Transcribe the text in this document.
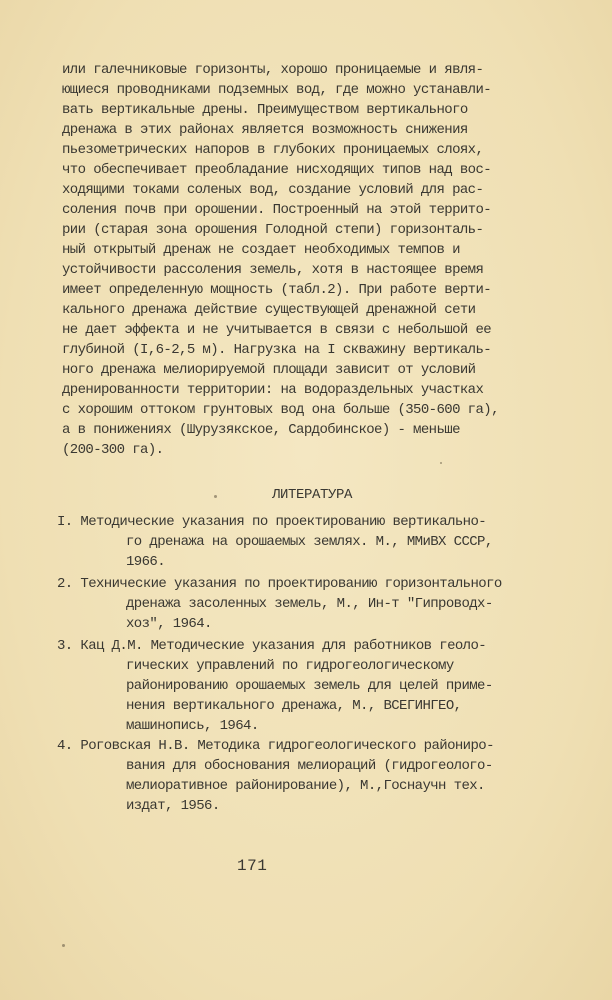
или галечниковые горизонты, хорошо проницаемые и явля-
ющиеся проводниками подземных вод, где можно устанавли-
вать вертикальные дрены. Преимуществом вертикального
дренажа в этих районах является возможность снижения
пьезометрических напоров в глубоких проницаемых слоях,
что обеспечивает преобладание нисходящих типов над вос-
ходящими токами соленых вод, создание условий для рас-
соления почв при орошении. Построенный на этой террито-
рии (старая зона орошения Голодной степи) горизонталь-
ный открытый дренаж не создает необходимых темпов и
устойчивости рассоления земель, хотя в настоящее время
имеет определенную мощность (табл.2). При работе верти-
кального дренажа действие существующей дренажной сети
не дает эффекта и не учитывается в связи с небольшой ее
глубиной (I,6-2,5 м). Нагрузка на I скважину вертикаль-
ного дренажа мелиорируемой площади зависит от условий
дренированности территории: на водораздельных участках
с хорошим оттоком грунтовых вод она больше (350-600 га),
а в понижениях (Шурузякское, Сардобинское) - меньше
(200-300 га).
ЛИТЕРАТУРА
I. Методические указания по проектированию вертикально-
го дренажа на орошаемых землях. М., ММиВХ СССР,
1966.
2. Технические указания по проектированию горизонтального
дренажа засоленных земель, М., Ин-т "Гипроводх-
хоз", 1964.
3. Кац Д.М. Методические указания для работников геоло-
гических управлений по гидрогеологическому
районированию орошаемых земель для целей приме-
нения вертикального дренажа, М., ВСЕГИНГЕО,
машинопись, 1964.
4. Роговская Н.В. Методика гидрогеологического райониро-
вания для обоснования мелиораций (гидрогеолого-
мелиоративное районирование), М.,Госнаучн тех.
издат, 1956.
171
